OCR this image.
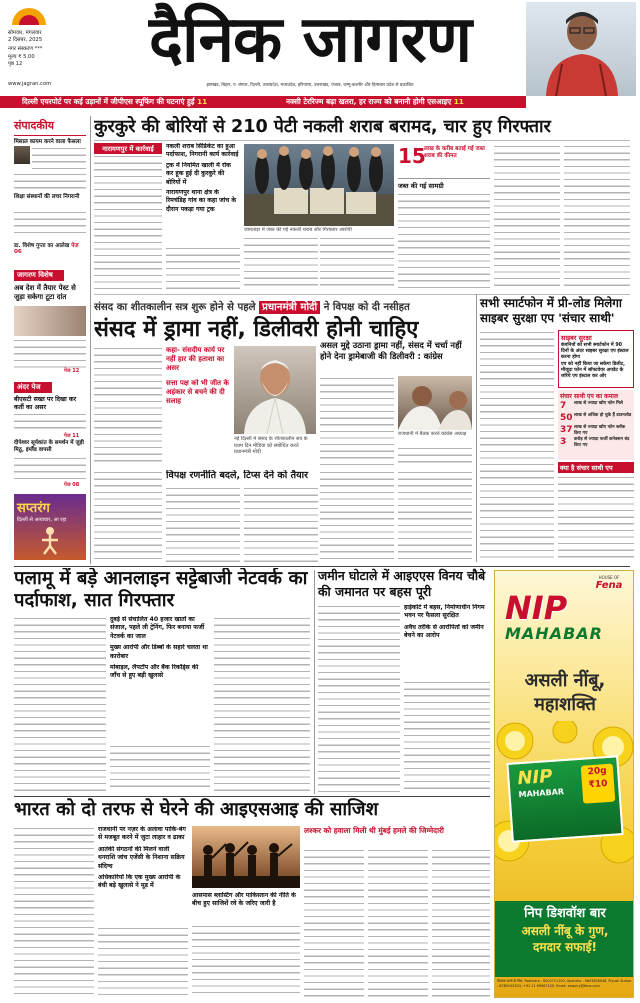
सोमवार, मंगलवार
2 दिसंबर, 2025
नगर संस्करण ***
मूल्य ₹ 5.00
पृष्ठ 12
www.jagran.com
दैनिक जागरण
झारखंड, बिहार, प. बंगाल, दिल्ली, उत्तरप्रदेश, मध्यप्रदेश, हरियाणा, उत्तराखंड, पंजाब, जम्मू-कश्मीर और हिमाचल प्रदेश से प्रकाशित
दिल्ली एयरपोर्ट पर कई उड़ानों में जीपीएस स्पूफिंग की घटनाएं हुईं 11	नक्सी टेररिज्म बढ़ा खतरा, हर राज्य को बनानी होगी एसआइए 11
संपादकीय
मिसाल कायम करने वाला फैसला
शिक्षा संस्थानों की लचर निगरानी
डा. विशेष गुप्ता का आलेख पेज 06
जागरण विशेष
अब देश में तैयार पेस्ट से जुड़ा सकेगा टूटा दांत
पेज 12
अंदर पेज
बीएसटी सख्त पर दिखा कर कर्ती का असर
पेज 11
दीपेश्वर सूर्यकांत के समर्थन में जुड़ी मिठु, इंग्लैंड वापसी
पेज 08
सप्तरंग
दिल्ली से अत्याचार, आ रहा
कुरकुरे की बोरियों से 210 पेटी नकली शराब बरामद, चार हुए गिरफ्तार
नारायणपुर में कार्रवाई	नकली शराब सिंडिकेट का हुआ पर्दाफाश, निगरानी कार्य कार्रवाई
ट्रक में नियमित खाली में रोक कर हूक हुई दी कुरकुरे की बोरियों में
नारायणपुर थाना क्षेत्र के रिमचंडिह गांव का कहा जांच के दौरान पकड़ा गया ट्रक
जामताड़ा में जब्त की गई नकली शराब और गिरफ्तार आरोपी
15
लाख के करीब बताई गई जब्त शराब की कीमत
जब्त की गई सामग्री
संसद का शीतकालीन सत्र शुरू होने से पहले प्रधानमंत्री मोदी ने विपक्ष को दी नसीहत
संसद में ड्रामा नहीं, डिलीवरी होनी चाहिए
सभी स्मार्टफोन में प्री-लोड मिलेगा साइबर सुरक्षा एप 'संचार साथी'
कहा- संसदीय कार्य पर नहीं हार की हताशा का असर
सत्ता पक्ष को भी जीत के अहंकार से बचने की दी सलाह
नई दिल्ली में संसद के शीतकालीन सत्र के प्रथम दिन मीडिया को संबोधित करते प्रधानमंत्री मोदी
असल मुद्दे उठाना ड्रामा नहीं, संसद में चर्चा नहीं होने देना ड्रामेबाजी की डिलीवरी : कांग्रेस
राजधानी में बैठक करते कांग्रेस अध्यक्ष
विपक्ष रणनीति बदले, टिप्स देने को तैयार
साइबर सुरक्षा
कंपनियों को सभी स्मार्टफोन में 90 दिनों के अंदर साइबर सुरक्षा एप इंस्टाल करना होगा
एप को नहीं किया जा सकेगा डिलीट, मौजूदा फोन में सॉफ्टवेयर अपडेट के जरिये एप इंस्टाल कर ओर
संचार साथी एप का कमाल
7	लाख से ज्यादा खोए फोन मिले
50 लाख से अधिक हो चुके हैं डाउनलोड
37 लाख से ज्यादा खोए फोन ब्लॉक किए गए
3	करोड़ से ज्यादा फर्जी कनेक्शन बंद किए गए
क्या है संचार साथी एप
पलामू में बड़े आनलाइन सट्टेबाजी नेटवर्क का पर्दाफाश, सात गिरफ्तार
दुबई से संचालित 40 हजार खातों का संजाल, पहले ली ट्रेनिंग, फिर बनाया फर्जी नेटवर्क का जाल
मुख्य आरोपी और डिब्बों के सहारे चलता था कारोबार
मोबाइल, लैपटॉप और बैंक रिकॉर्ड्स की जाँच से हुए बड़ी खुलासे
जमीन घोटाले में आइएएस विनय चौबे की जमानत पर बहस पूरी
हाईकोर्ट में बहस, निर्माणाधीन निगम भवन पर फैसला सुरक्षित
अवैध तरीके से आरोपितों को जमीन बेचने का आरोप
HOUSE OF
Fena
NIP
MAHABAR
असली नींबू, महाशक्ति
NIP
MAHABAR
20g
₹10
निप डिशवॉश बार
असली नींबू के गुण,
दमदार सफाई!
वितरक बनने के लिए: Rabindra - 8002711100, Upendra - 9693626046, Piyush Kumar - 8789102303, +91 11 69067100, Email: enquiry@fena.com
भारत को दो तरफ से घेरने की आइएसआइ की साजिश
राजधानी पर नज़र के अलावा पाकि-बंग से मजबूत करने में जुटा लाहार व ढाका
आतंकी संगठनों की मिलने वाली धनराशि जांच एजेंसी के निशाना सक्रिय संदिग्ध
अधिकारियों कि एक मुख्य आरोपी के बंधी बड़े खुलासे ने मूड में
आसपास ब्लास्टिंग और पाकिस्तान की नीति के बीच हुए साजिशें रवे के जरिए जारी है
लश्कर को हवाला मिली थी मुंबई हमले की जिम्मेदारी
